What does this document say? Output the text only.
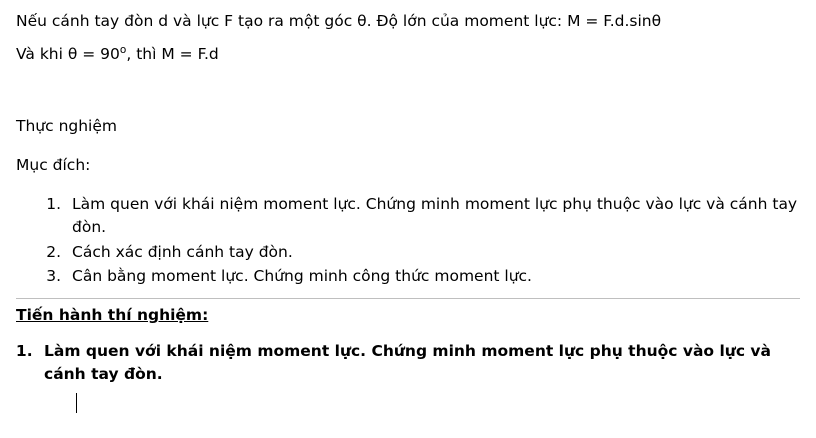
Nếu cánh tay đòn d và lực F tạo ra một góc θ. Độ lớn của moment lực: M = F.d.sinθ

Và khi $\theta = 90^o$, thì M = F.d

Thực nghiệm

Mục đích:

1. Làm quen với khái niệm moment lực. Chứng minh moment lực phụ thuộc vào lực và cánh tay đòn.
2. Cách xác định cánh tay đòn.
3. Cân bằng moment lực. Chứng minh công thức moment lực.

Tiến hành thí nghiệm:

1. Làm quen với khái niệm moment lực. Chứng minh moment lực phụ thuộc vào lực và cánh tay đòn.
